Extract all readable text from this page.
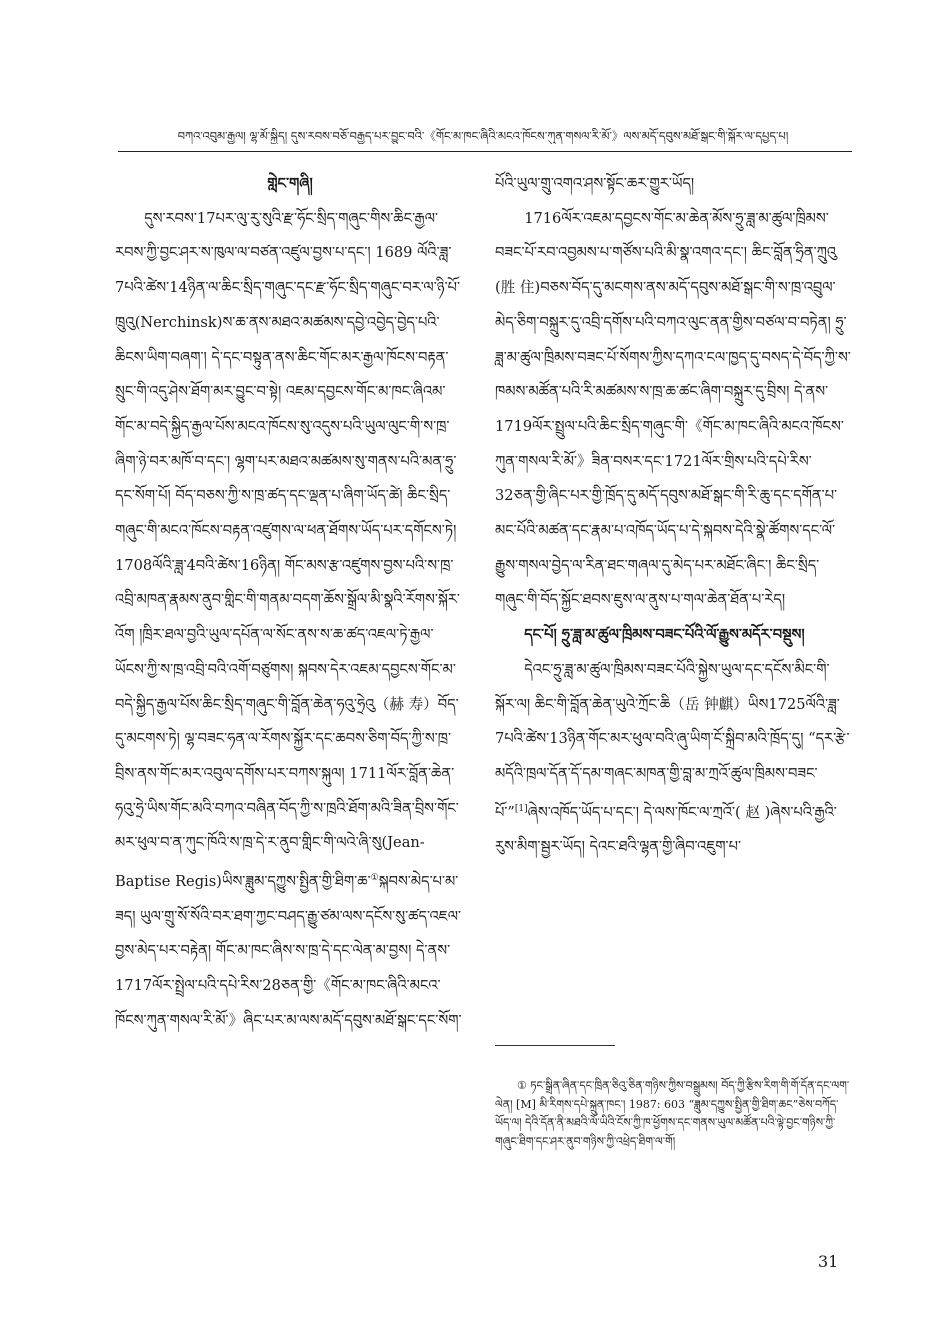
བཀའ་འབུམ་རྒྱལ། ལྷ་མོ་སྐྱིད། དུས་རབས་བཅོ་བརྒྱད་པར་བྱུང་བའི་《གོང་མ་ཁང་ཞིའི་མངའ་ཁོངས་ཀུན་གསལ་རི་མོ་》ལས་མདོ་དབུས་མཐོ་སྒང་གི་སྐོར་ལ་དཔྱད་པ།

གླེང་གཞི།

དུས་རབས་17པར་ལུ་རུ་སུའི་རྫ་ཧོང་སྲིད་གཞུང་གིས་ཆིང་རྒྱལ་རབས་ཀྱི་བྱང་ཤར་ས་ཁུལ་ལ་བཙན་འཛུལ་བྱས་པ་དང་། 1689 ལོའི་ཟླ་7པའི་ཚེས་14ཉིན་ལ་ཆིང་སྲིད་གཞུང་དང་རྫ་ཧོང་སྲིད་གཞུང་བར་ལ་ཉི་པོ་ཁྲུའུ(Nerchinsk)ས་ཆ་ནས་མཐའ་མཚམས་དབྱེ་འབྱེད་བྱེད་པའི་ཆིངས་ཡིག་བཞག་། དེ་དང་བསྟུན་ནས་ཆིང་གོང་མར་རྒྱལ་ཁོངས་བརྟན་སྲུང་གི་འདུ་ཤེས་ཐོག་མར་བྱུང་བ་སྟེ། འཇམ་དབྱངས་གོང་མ་ཁང་ཞིའམ་གོང་མ་བདེ་སྐྱིད་རྒྱལ་པོས་མངའ་ཁོངས་སུ་འདུས་པའི་ཡུལ་ལུང་གི་ས་ཁྲ་ཞིག་ཉེ་བར་མཁོ་བ་དང་། ལྷག་པར་མཐའ་མཚམས་སུ་གནས་པའི་མན་ཧྲུ་དང་སོག་པོ། བོད་བཅས་ཀྱི་ས་ཁྲ་ཚད་དང་ལྡན་པ་ཞིག་ཡོད་ཚེ། ཆིང་སྲིད་གཞུང་གི་མངའ་ཁོངས་བརྟན་འཛུགས་ལ་ཕན་ཐོགས་ཡོད་པར་དགོངས་ཏེ། 1708ལོའི་ཟླ་4བའི་ཚེས་16ཉིན། གོང་མས་རྩ་འཛུགས་བྱས་པའི་ས་ཁྲ་འབྲི་མཁན་རྣམས་ནུབ་གླིང་གི་གནམ་བདག་ཆོས་སྒྲོལ་མི་སྣའི་རོགས་སྐོར་འོག །ཁྲིར་ཐལ་བྱའི་ཡུལ་དཔོན་ལ་སོང་ནས་ས་ཆ་ཚད་འཇལ་ཏེ་རྒྱལ་ཡོངས་ཀྱི་ས་ཁྲ་འབྲི་བའི་འགོ་བཙུགས། སྐབས་དེར་འཇམ་དབྱངས་གོང་མ་བདེ་སྐྱིད་རྒྱལ་པོས་ཆིང་སྲིད་གཞུང་གི་བློན་ཆེན་ཧའུ་ཧྲེའུ（赫 寿）བོད་དུ་མངགས་ཏེ། ལྷ་བཟང་ཧན་ལ་རོགས་སྐྱོར་དང་ཆབས་ཅིག་བོད་ཀྱི་ས་ཁྲ་བྲིས་ནས་གོང་མར་འབུལ་དགོས་པར་བཀས་སྐུལ། 1711ལོར་བློན་ཆེན་ཧའུ་ཧྲེ་ཡིས་གོང་མའི་བཀའ་བཞིན་བོད་ཀྱི་ས་ཁྲའི་ཐོག་མའི་ཟིན་བྲིས་གོང་མར་ཕུལ་བ་ན་ཀུང་ཁོའི་ས་ཁྲ་དེ་ར་ནུབ་གླིང་གི་ལའེ་ཞི་སུ(Jean-Baptise Regis)ཡིས་ཟླུམ་དཀྱུས་སྤྱིན་གྱི་ཐིག་ཆ་①སྐབས་མེད་པ་མ་ཟད། ཡུལ་གྲུ་སོ་སོའི་བར་ཐག་ཀྱང་བཤད་རྒྱུ་ཙམ་ལས་དངོས་སུ་ཚད་འཇལ་བྱས་མེད་པར་བརྟེན། གོང་མ་ཁང་ཞིས་ས་ཁྲ་དེ་དང་ལེན་མ་བྱས། དེ་ནས་1717ལོར་སྤྲེལ་པའི་དཔེ་རིས་28ཅན་གྱི་《གོང་མ་ཁང་ཞིའི་མངའ་ཁོངས་ཀུན་གསལ་རི་མོ་》ཞིང་པར་མ་ལས་མདོ་དབུས་མཐོ་སྒང་དང་སོག་

པོའི་ཡུལ་གྲུ་འགའ་ཤས་སྟོང་ཆར་གྱུར་ཡོད།

1716ལོར་འཇམ་དབྱངས་གོང་མ་ཆེན་མོས་ཧྲུ་ཟླ་མ་ཚུལ་ཁྲིམས་བཟང་པོ་རབ་འབྱམས་པ་གཙོས་པའི་མི་སྣ་འགའ་དང་། ཆིང་བློན་ཧྲིན་ཀྲུའུ (胜 住)བཅས་བོད་དུ་མངགས་ནས་མདོ་དབུས་མཐོ་སྒང་གི་ས་ཁྲ་འབྲུལ་མེད་ཅིག་བསྐྲུར་དུ་འབྲི་དགོས་པའི་བཀའ་ལུང་ནན་གྱིས་བཙལ་བ་བཏེན། ཧྲུ་ཟླ་མ་ཚུལ་ཁྲིམས་བཟང་པོ་སོགས་ཀྱིས་དཀའ་ངལ་ཁྱད་དུ་བསད་དེ་བོད་ཀྱི་ས་ཁམས་མཚོན་པའི་རི་མཚམས་ས་ཁྲ་ཆ་ཚང་ཞིག་བསྐྲུར་དུ་བྲིས། དེ་ནས་1719ལོར་སྤྲུལ་པའི་ཆིང་སྲིད་གཞུང་གི་《གོང་མ་ཁང་ཞིའི་མངའ་ཁོངས་ཀུན་གསལ་རི་མོ་》ཟིན་བསར་དང་1721ལོར་གྲིས་པའི་དཔེ་རིས་32ཅན་གྱི་ཞིང་པར་གྱི་ཁྲོད་དུ་མདོ་དབུས་མཐོ་སྒང་གི་རི་ཆུ་དང་དགོན་པ་མང་པོའི་མཚན་དང་རྣམ་པ་འཁོད་ཡོད་པ་དེ་སྐབས་དེའི་སྣེ་ཚོགས་དང་ལོ་རྒྱུས་གསལ་བྱེད་ལ་རིན་ཐང་གཞལ་དུ་མེད་པར་མཐོང་ཞིང་། ཆིང་སྲིད་གཞུང་གི་བོད་སྐྱོང་ཐབས་ཇུས་ལ་ནུས་པ་གལ་ཆེན་ཐོན་པ་རེད།

དང་པོ། ཧྲུ་ཟླ་མ་ཚུལ་ཁྲིམས་བཟང་པོའི་ལོ་རྒྱུས་མདོར་བསྡུས།

དེའང་ཧྲུ་ཟླ་མ་ཚུལ་ཁྲིམས་བཟང་པོའི་སྐྱེས་ཡུལ་དང་དངོས་མིང་གི་སྐོར་ལ། ཆིང་གི་བློན་ཆེན་ཡུའེ་ཀྲོང་ཆི（岳 钟麒）ཡིས1725ལོའི་ཟླ་7པའི་ཚེས་13ཉིན་གོང་མར་ཕུལ་བའི་ཞུ་ཡིག་ངོ་སྐྲིབ་མའི་ཁྲོད་དུ། “དར་རྩེ་མདོའི་ཁྲལ་དོན་དོ་དམ་གཞང་མཁན་གྱི་བླ་མ་ཀྲའོ་ཚུལ་ཁྲིམས་བཟང་པོ་”[1]ཞེས་འཁོད་ཡོད་པ་དང་། དེ་ལས་ཁོང་ལ་ཀྲའོ་( 赵 )ཞེས་པའི་རྒྱའི་རུས་མིག་སྦྱར་ཡོད། དེའང་ཐའི་ལྷན་གྱི་ཞིབ་འཇུག་པ་

① ཏང་སྒྲིན་ཞིན་དང་ཁྲིན་ཅིའུ་ཅིན་གཉིས་ཀྱིས་བསྒྲུམས། བོད་ཀྱི་རྩིས་རིག་གི་གོ་དོན་དང་ལག་ལེན། [M] མི་རིགས་དཔེ་སྐྲུན་ཁང་། 1987: 603 “ཟླུམ་དཀྱུས་སྤྱིན་གྱི་ཐིག་ཆང”ཅེས་བཀོད་ཡོད་ལ། དེའི་དོན་ནི་མཐའི་ལོ་ཡིའི་ངོས་ཀྱི་ཁ་ཕྱོགས་དང་གནས་ཡུལ་མཚོན་པའི་ལྟེ་བྱང་གཉིས་ཀྱི་གཞུང་ཐིག་དང་ཤར་ནུབ་གཉིས་ཀྱི་འཕྲེད་ཐིག་ལ་གོ།
31
